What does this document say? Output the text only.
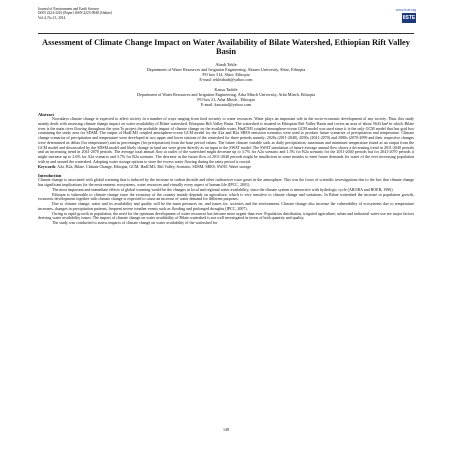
Journal of Environment and Earth Science
ISSN 2224-3216 (Paper) ISSN 2225-0948 (Online)
Vol.4, No.13, 2014
www.iiste.org
IISTE
Assessment of Climate Change Impact on Water Availability of Bilate Watershed, Ethiopian Rift Valley Basin
Abadi Tekle
Department of Water Resources and Irrigation Engineering, Aksum University, Shire, Ethiopia
PO box 314, Shire, Ethiopia
E-mail: tekleabadi@yahoo.com
Kassa Tadele
Department of Water Resources and Irrigation Engineering, Arba Minch University, Arba Minch, Ethiopia
PO box 21, Arba Minch , Ethiopia
E-mail: kassatad@yahoo.com
Abstract

Nowadays climate change is expected to affect society in a number of ways ranging from food security to water resources. Water plays an important role in the socio-economic development of any society. Thus, this study mainly deals with assessing climate change impact on water availability of Bilate watershed, Ethiopian Rift Valley Basin. The watershed is situated in Ethiopian Rift Valley Basin and covers an area of about 5643 km² in which Bilate river is the main river flowing throughout the year.To project the probable impact of climate change on the available water, HadCM3 coupled atmosphere-ocean GCM model was used since it is the only GCM model that has grid box containing the study area for SDSM. The output of HadCM3 coupled atmosphere-ocean GCM model for the A2a and B2a SRES emission scenarios were used to produce future scenarios of precipitation and temperature. Climate change scenarios of precipitation and temperature were developed at two upper and lower stations of the watershed for three periods namely; 2020s (2011-2040), 2050s (2041-2070) and 2080s (2070-2099 and their respective changes were determined as deltas (for temperature) and as percentages (for precipitation) from the base period values. The future climate variable such as daily precipitation, maximum and minimum temperature found as an output from the GCM model and downscaled by the SDSM model and likely change in land use were given directly as an input to the SWAT model. The SWAT simulation of future average annual flow shows a decreasing trend in 2011-2040 periods and an increasing trend in 2041-2070 periods. The average total annual flow at outlet of the watershed might decrease up to 3.7% for A2a scenario and 1.5% for B2a scenario for the 2011-2040 periods but for 2041-2070 periods it might increase up to 2.6% for A2a scenario and 3.7% for B2a scenario. The decrease in the future flow of 2011-2040 periods might be insufficient in some months to meet future demands for water of the ever increasing population with in and around the watershed. Adopting water storage options to store the excess water flowing during the rainy period is crucial.

Keywords: A2a, B2a, Bilate, Climate Change, Ethiopia, GCM, HadCM3, Rift Valley, Scenario, SDSM, SRES, SWAT, Water storage

Introduction

Climate change is associated with global warming that is induced by the increase in carbon dioxide and other radioactive trace gases in the atmosphere. This was the focus of scientific investigations due to the fact that climate change has significant implications for the environment, ecosystems, water resources and virtually every aspect of human life (IPCC, 2001).

The most important and immediate effects of global warming would be the changes in local and regional water availability, since the climate system is interactive with hydrologic cycle (ARORA and BOER, 1996)

Ethiopia is vulnerable to climate change since the economy of the country mainly depends on agriculture, which is very sensitive to climate change and variations. In Bilate watershed the increase in population growth, economic development together with climate change is expected to cause an increase of water demand for different purposes.

Due to climate change, water and its availability and quality will be the main pressures on, and issues for, societies and the environment. Climate change also increase the vulnerability of ecosystems due to temperature increases, changes in precipitation patterns, frequent severe weather events such as flooding and prolonged droughts (IPCC, 2007).

Owing to rapid growth in population, the need for the optimum development of water resources has become more urgent than ever. Population distribution, irrigated agriculture, urban and industrial water use are major factors deriving water availability issues. The impact of climate change on water availability of Bilate watershed is not well investigated in terms of both quantity and quality.

The study was conducted to assess impacts of climate change on water availability of the watershed for

148
